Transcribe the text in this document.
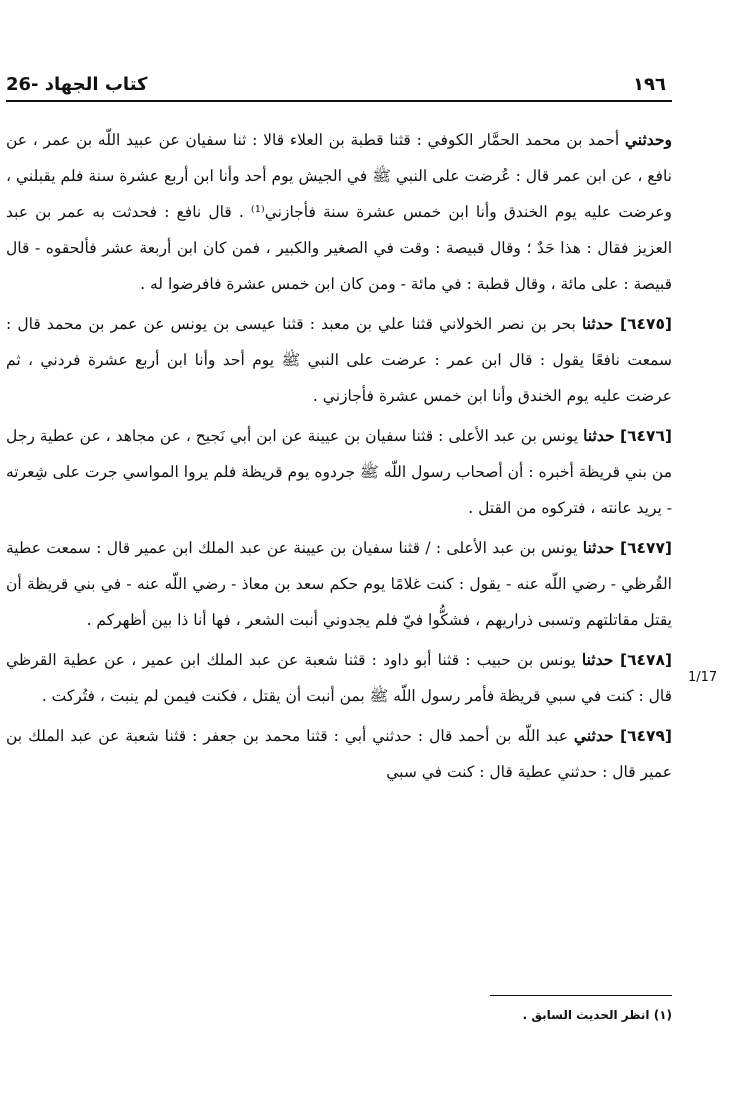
26- كتاب الجهاد	١٩٦

وحدثني أحمد بن محمد الحمَّار الكوفي : قثنا قطبة بن العلاء قالا : ثنا سفيان عن عبيد اللّه بن عمر ، عن نافع ، عن ابن عمر قال : عُرضت على النبي ﷺ في الجيش يوم أحد وأنا ابن أربع عشرة سنة فلم يقبلني ، وعرضت عليه يوم الخندق وأنا ابن خمس عشرة سنة فأجازني⁽¹⁾ . قال نافع : فحدثت به عمر بن عبد العزيز فقال : هذا حَدٌ ؛ وقال قبيصة : وقت في الصغير والكبير ، فمن كان ابن أربعة عشر فألحقوه - قال قبيصة : على مائة ، وقال قطبة : في مائة - ومن كان ابن خمس عشرة فافرضوا له .

[٦٤٧٥] حدثنا بحر بن نصر الخولاني قثنا علي بن معبد : قثنا عيسى بن يونس عن عمر بن محمد قال : سمعت نافعًا يقول : قال ابن عمر : عرضت على النبي ﷺ يوم أحد وأنا ابن أربع عشرة فردني ، ثم عرضت عليه يوم الخندق وأنا ابن خمس عشرة فأجازني .

[٦٤٧٦] حدثنا يونس بن عبد الأعلى : قثنا سفيان بن عيينة عن ابن أبي نَجيح ، عن مجاهد ، عن عطية رجل من بني قريظة أخبره : أن أصحاب رسول اللّه ﷺ جردوه يوم قريظة فلم يروا المواسي جرت على شِعرته - يريد عانته ، فتركوه من القتل .

[٦٤٧٧] حدثنا يونس بن عبد الأعلى : / قثنا سفيان بن عيينة عن عبد الملك ابن عمير قال : سمعت عطية القُرظي - رضي اللّه عنه - يقول : كنت غلامًا يوم حكم سعد بن معاذ - رضي اللّه عنه - في بني قريظة أن يقتل مقاتلتهم وتسبى ذراريهم ، فشكُّوا فيّ فلم يجدوني أنبت الشعر ، فها أنا ذا بين أظهركم .

[٦٤٧٨] حدثنا يونس بن حبيب : قثنا أبو داود : قثنا شعبة عن عبد الملك ابن عمير ، عن عطية القرظي قال : كنت في سبي قريظة فأمر رسول اللّه ﷺ بمن أنبت أن يقتل ، فكنت فيمن لم ينبت ، فتُركت .

[٦٤٧٩] حدثني عبد اللّه بن أحمد قال : حدثني أبي : قثنا محمد بن جعفر : قثنا شعبة عن عبد الملك بن عمير قال : حدثني عطية قال : كنت في سبي

1/17
(١) انظر الحديث السابق .
